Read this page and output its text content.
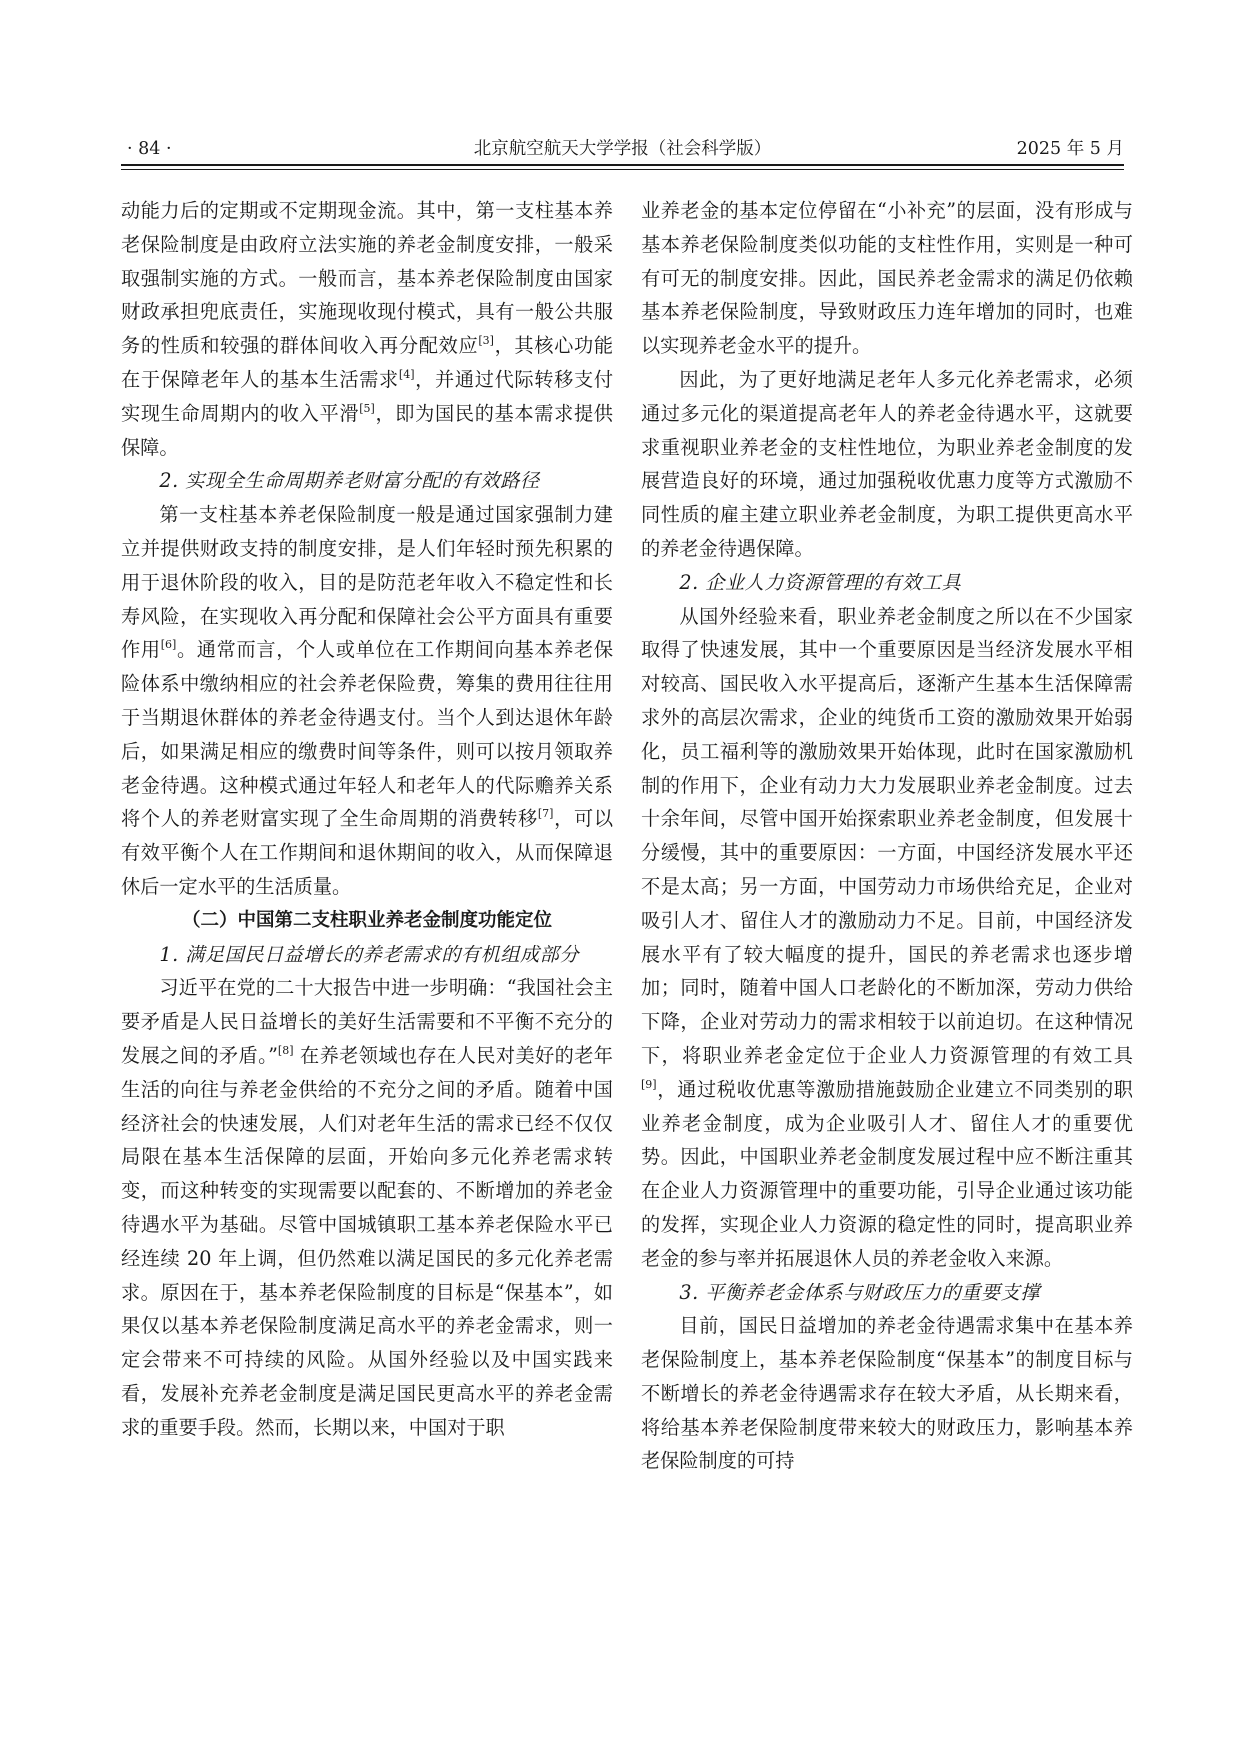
· 84 ·	北京航空航天大学学报（社会科学版）	2025 年 5 月

动能力后的定期或不定期现金流。其中，第一支柱基本养老保险制度是由政府立法实施的养老金制度安排，一般采取强制实施的方式。一般而言，基本养老保险制度由国家财政承担兜底责任，实施现收现付模式，具有一般公共服务的性质和较强的群体间收入再分配效应[3]，其核心功能在于保障老年人的基本生活需求[4]，并通过代际转移支付实现生命周期内的收入平滑[5]，即为国民的基本需求提供保障。

2. 实现全生命周期养老财富分配的有效路径

第一支柱基本养老保险制度一般是通过国家强制力建立并提供财政支持的制度安排，是人们年轻时预先积累的用于退休阶段的收入，目的是防范老年收入不稳定性和长寿风险，在实现收入再分配和保障社会公平方面具有重要作用[6]。通常而言，个人或单位在工作期间向基本养老保险体系中缴纳相应的社会养老保险费，筹集的费用往往用于当期退休群体的养老金待遇支付。当个人到达退休年龄后，如果满足相应的缴费时间等条件，则可以按月领取养老金待遇。这种模式通过年轻人和老年人的代际赡养关系将个人的养老财富实现了全生命周期的消费转移[7]，可以有效平衡个人在工作期间和退休期间的收入，从而保障退休后一定水平的生活质量。

（二）中国第二支柱职业养老金制度功能定位

1. 满足国民日益增长的养老需求的有机组成部分

习近平在党的二十大报告中进一步明确：“我国社会主要矛盾是人民日益增长的美好生活需要和不平衡不充分的发展之间的矛盾。”[8] 在养老领域也存在人民对美好的老年生活的向往与养老金供给的不充分之间的矛盾。随着中国经济社会的快速发展，人们对老年生活的需求已经不仅仅局限在基本生活保障的层面，开始向多元化养老需求转变，而这种转变的实现需要以配套的、不断增加的养老金待遇水平为基础。尽管中国城镇职工基本养老保险水平已经连续 20 年上调，但仍然难以满足国民的多元化养老需求。原因在于，基本养老保险制度的目标是“保基本”，如果仅以基本养老保险制度满足高水平的养老金需求，则一定会带来不可持续的风险。从国外经验以及中国实践来看，发展补充养老金制度是满足国民更高水平的养老金需求的重要手段。然而，长期以来，中国对于职

业养老金的基本定位停留在“小补充”的层面，没有形成与基本养老保险制度类似功能的支柱性作用，实则是一种可有可无的制度安排。因此，国民养老金需求的满足仍依赖基本养老保险制度，导致财政压力连年增加的同时，也难以实现养老金水平的提升。

因此，为了更好地满足老年人多元化养老需求，必须通过多元化的渠道提高老年人的养老金待遇水平，这就要求重视职业养老金的支柱性地位，为职业养老金制度的发展营造良好的环境，通过加强税收优惠力度等方式激励不同性质的雇主建立职业养老金制度，为职工提供更高水平的养老金待遇保障。

2. 企业人力资源管理的有效工具

从国外经验来看，职业养老金制度之所以在不少国家取得了快速发展，其中一个重要原因是当经济发展水平相对较高、国民收入水平提高后，逐渐产生基本生活保障需求外的高层次需求，企业的纯货币工资的激励效果开始弱化，员工福利等的激励效果开始体现，此时在国家激励机制的作用下，企业有动力大力发展职业养老金制度。过去十余年间，尽管中国开始探索职业养老金制度，但发展十分缓慢，其中的重要原因：一方面，中国经济发展水平还不是太高；另一方面，中国劳动力市场供给充足，企业对吸引人才、留住人才的激励动力不足。目前，中国经济发展水平有了较大幅度的提升，国民的养老需求也逐步增加；同时，随着中国人口老龄化的不断加深，劳动力供给下降，企业对劳动力的需求相较于以前迫切。在这种情况下，将职业养老金定位于企业人力资源管理的有效工具[9]，通过税收优惠等激励措施鼓励企业建立不同类别的职业养老金制度，成为企业吸引人才、留住人才的重要优势。因此，中国职业养老金制度发展过程中应不断注重其在企业人力资源管理中的重要功能，引导企业通过该功能的发挥，实现企业人力资源的稳定性的同时，提高职业养老金的参与率并拓展退休人员的养老金收入来源。

3. 平衡养老金体系与财政压力的重要支撑

目前，国民日益增加的养老金待遇需求集中在基本养老保险制度上，基本养老保险制度“保基本”的制度目标与不断增长的养老金待遇需求存在较大矛盾，从长期来看，将给基本养老保险制度带来较大的财政压力，影响基本养老保险制度的可持
